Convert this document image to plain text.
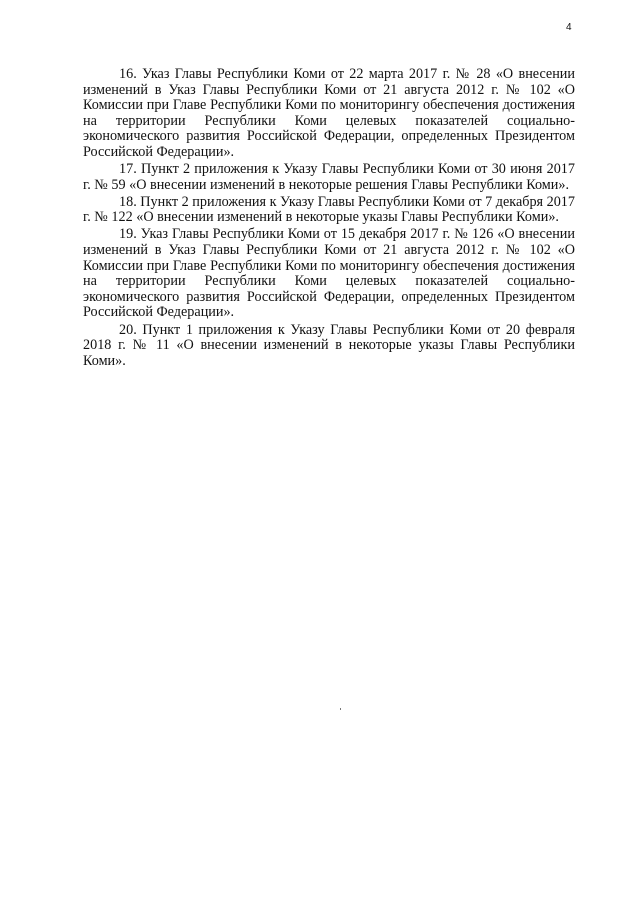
4

16. Указ Главы Республики Коми от 22 марта 2017 г. № 28 «О внесении изменений в Указ Главы Республики Коми от 21 августа 2012 г. № 102 «О Комиссии при Главе Республики Коми по мониторингу обеспечения достижения на территории Республики Коми целевых показателей социально-экономического развития Российской Федерации, определенных Президентом Российской Федерации».

17. Пункт 2 приложения к Указу Главы Республики Коми от 30 июня 2017 г. № 59 «О внесении изменений в некоторые решения Главы Республики Коми».

18. Пункт 2 приложения к Указу Главы Республики Коми от 7 декабря 2017 г. № 122 «О внесении изменений в некоторые указы Главы Республики Коми».

19. Указ Главы Республики Коми от 15 декабря 2017 г. № 126 «О внесении изменений в Указ Главы Республики Коми от 21 августа 2012 г. № 102 «О Комиссии при Главе Республики Коми по мониторингу обеспечения достижения на территории Республики Коми целевых показателей социально-экономического развития Российской Федерации, определенных Президентом Российской Федерации».

20. Пункт 1 приложения к Указу Главы Республики Коми от 20 февраля 2018 г. № 11 «О внесении изменений в некоторые указы Главы Республики Коми».
